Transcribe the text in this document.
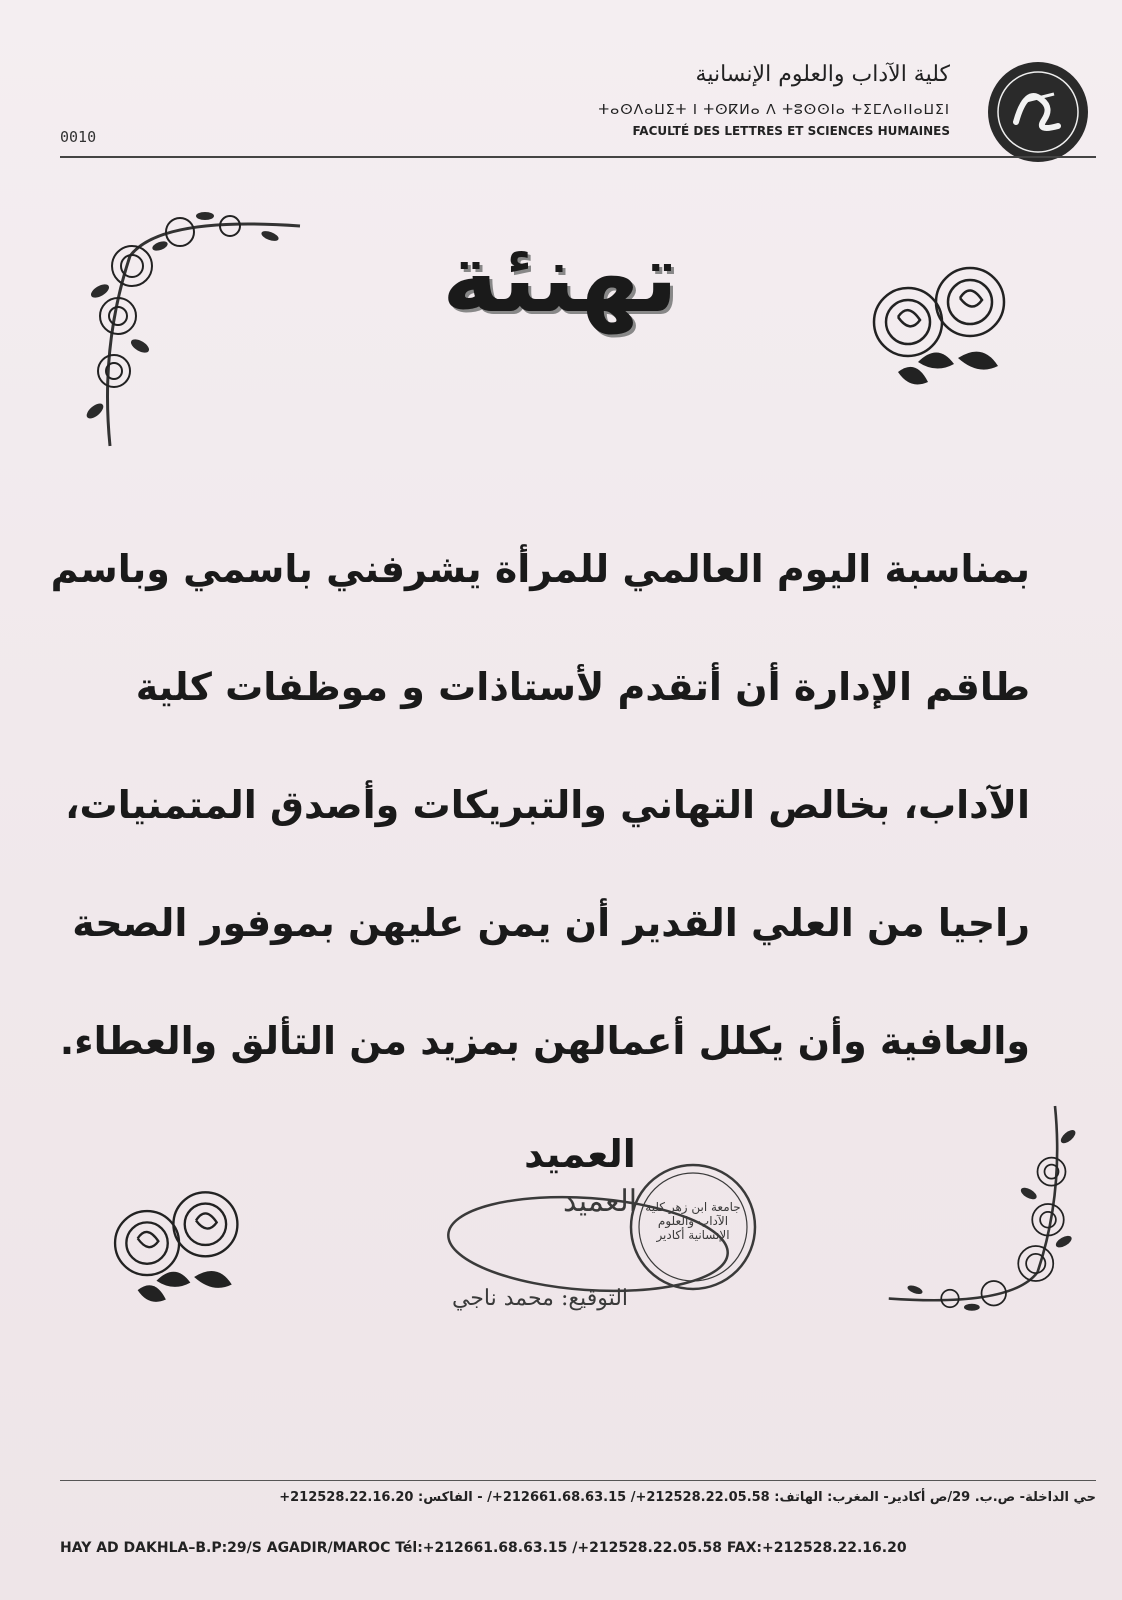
كلية الآداب والعلوم الإنسانية
ⵜⴰⵙⴷⴰⵡⵉⵜ ⵏ ⵜⵙⴽⵍⴰ ⴷ ⵜⵓⵙⵙⵏⴰ ⵜⵉⵎⴷⴰⵏⵏⴰⵡⵉⵏ
FACULTÉ DES LETTRES ET SCIENCES HUMAINES
0010
تهنئة
بمناسبة اليوم العالمي للمرأة يشرفني باسمي وباسم
طاقم الإدارة أن أتقدم لأستاذات و موظفات كلية
الآداب، بخالص التهاني والتبريكات وأصدق المتمنيات،
راجيا من العلي القدير أن يمن عليهن بموفور الصحة
والعافية وأن يكلل أعمالهن بمزيد من التألق والعطاء.
العميد
العميد جامعة ابن زهر كلية الآداب والعلوم الإنسانية أكادير
التوقيع: محمد ناجي
حي الداخلة- ص.ب. 29/ص أكادير- المغرب: الهاتف: 212528.22.05.58+/ 212661.68.63.15+/ - الفاكس: 212528.22.16.20+
HAY AD DAKHLA–B.P:29/S AGADIR/MAROC Tél:+212661.68.63.15 /+212528.22.05.58 FAX:+212528.22.16.20
